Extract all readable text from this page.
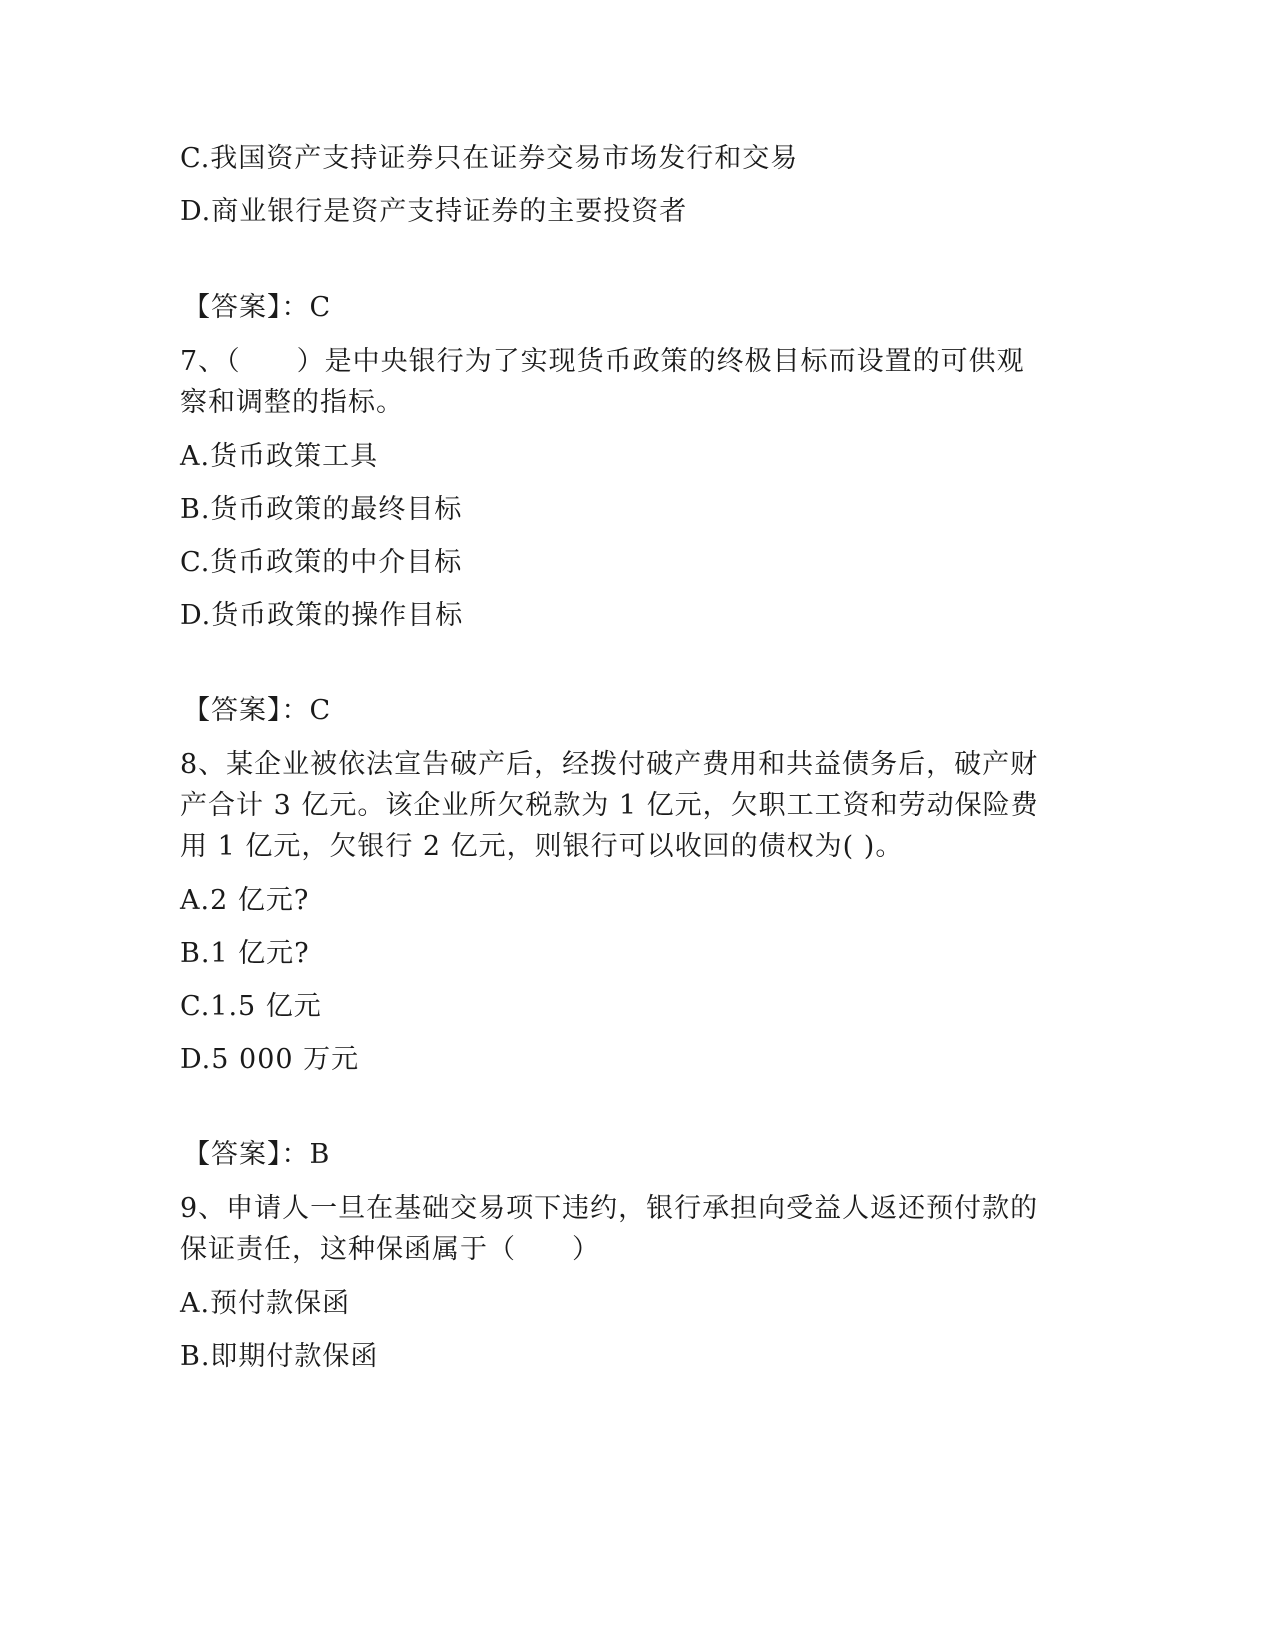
C.我国资产支持证券只在证券交易市场发行和交易
D.商业银行是资产支持证券的主要投资者
【答案】：C
7、（　　）是中央银行为了实现货币政策的终极目标而设置的可供观
察和调整的指标。
A.货币政策工具
B.货币政策的最终目标
C.货币政策的中介目标
D.货币政策的操作目标
【答案】：C
8、某企业被依法宣告破产后，经拨付破产费用和共益债务后，破产财
产合计 3 亿元。该企业所欠税款为 1 亿元，欠职工工资和劳动保险费
用 1 亿元，欠银行 2 亿元，则银行可以收回的债权为( )。
A.2 亿元?
B.1 亿元?
C.1.5 亿元
D.5 000 万元
【答案】：B
9、申请人一旦在基础交易项下违约，银行承担向受益人返还预付款的
保证责任，这种保函属于（　　）
A.预付款保函
B.即期付款保函
